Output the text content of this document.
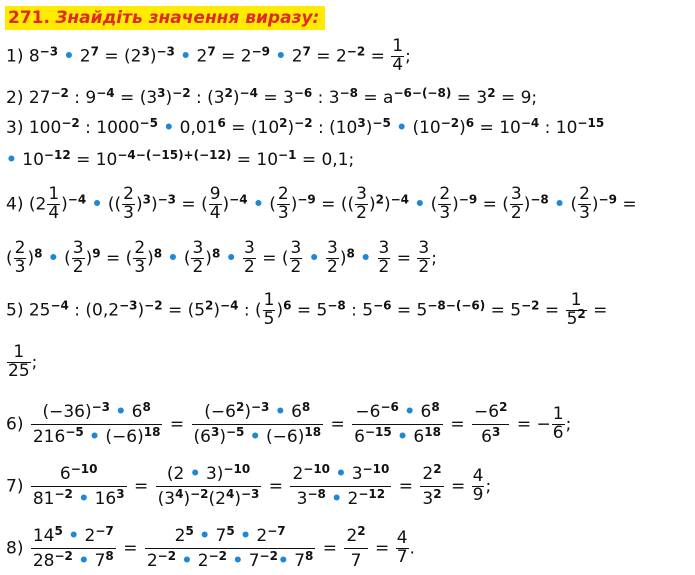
271. Знайдіть значення виразу:
1) $8^{-3}$ • $2^7 = (2^3)^{-3}$ • $2^7 = 2^{-9}$ • $2^7 = 2^{-2} = \frac{1}{4}$ ;
2) $27^{-2}$ : $9^{-4} = (3^3)^{-2}$ : $(3^2)^{-4} = 3^{-6}$ : $3^{-8} = a^{-6-(-8)} = 3^2 = 9$;
3) $100^{-2}$ : $1000^{-5}$ • $0,01^6 = (10^2)^{-2}$ : $(10^3)^{-5}$ • $(10^{-2})^6 = 10^{-4}$ : $10^{-15}$
• $10^{-12} = 10^{-4-(-15)+(-12)} = 10^{-1} = 0,1$;
4) $(2 \frac{1}{4} )^{-4}$ • (( $\frac{2}{3} )^3)^{-3}$ = ( $\frac{9}{4} )^{-4}$ • ( $\frac{2}{3} )^{-9}$ = (( $\frac{3}{2} )^2)^{-4}$ • ( $\frac{2}{3} )^{-9}$ = ( $\frac{3}{2} )^{-8}$ • ( $\frac{2}{3} )^{-9}$ =
( $\frac{2}{3} )^8$ • ( $\frac{3}{2} )^9$ = ( $\frac{2}{3} )^8$ • ( $\frac{3}{2} )^8$ • $\frac{3}{2}$ = ( $\frac{3}{2}$ • $\frac{3}{2} )^8$ • $\frac{3}{2} = \frac{3}{2}$ ;
5) $25^{-4}$ : $(0,2^{-3})^{-2} = (5^2)^{-4}$ : ( $\frac{1}{5} )^6 = 5^{-8}$ : $5^{-6} = 5^{-8-(-6)} = 5^{-2} = \frac{1}{5^2}$ =
$\frac{1}{25}$ ;
$6) \frac{(-36)^{-3} • 6^8}{216^{-5} • (-6)^{18}} = \frac{(-6^2)^{-3} • 6^8}{(6^3)^{-5} • (-6)^{18}} = \frac{-6^{-6} • 6^8}{6^{-15} • 6^{18}} = \frac{-6^2}{6^3}$ = − $\frac{1}{6}$ ;
$7) \frac{6^{-10}}{81^{-2} • 16^3} = \frac{(2 • 3)^{-10}}{(3^4)^{-2}(2^4)^{-3}} = \frac{2^{-10} • 3^{-10}}{3^{-8} • 2^{-12}} = \frac{2^2}{3^2} = \frac{4}{9}$ ;
$8) \frac{14^5 • 2^{-7}}{28^{-2} • 7^8} = \frac{2^5 • 7^5 • 2^{-7}}{2^{-2} • 2^{-2} • 7^{-2}• 7^8} = \frac{2^2}{7} = \frac{4}{7}$ .
